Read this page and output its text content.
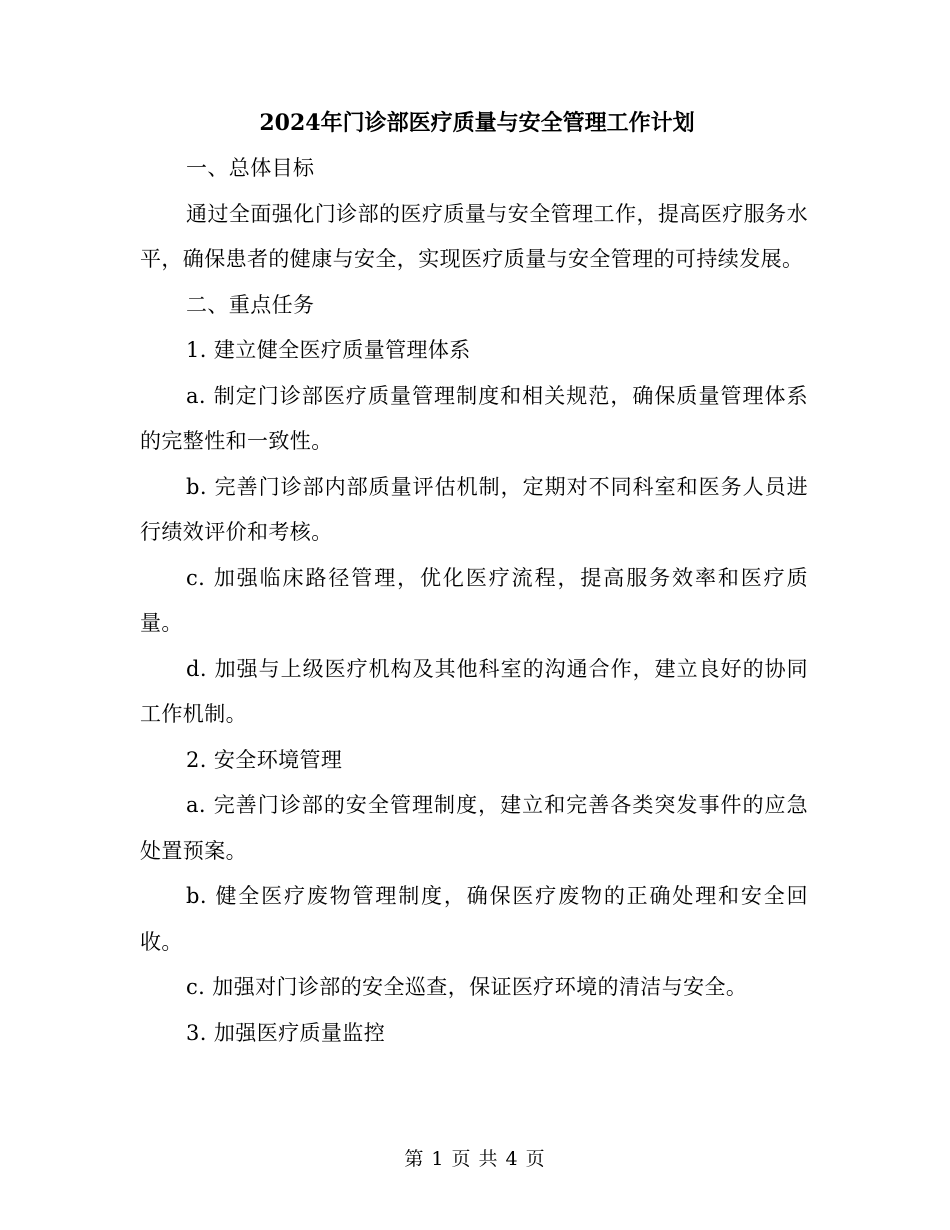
2024年门诊部医疗质量与安全管理工作计划

一、总体目标

通过全面强化门诊部的医疗质量与安全管理工作，提高医疗服务水平，确保患者的健康与安全，实现医疗质量与安全管理的可持续发展。

二、重点任务

1. 建立健全医疗质量管理体系

a. 制定门诊部医疗质量管理制度和相关规范，确保质量管理体系的完整性和一致性。

b. 完善门诊部内部质量评估机制，定期对不同科室和医务人员进行绩效评价和考核。

c. 加强临床路径管理，优化医疗流程，提高服务效率和医疗质量。

d. 加强与上级医疗机构及其他科室的沟通合作，建立良好的协同工作机制。

2. 安全环境管理

a. 完善门诊部的安全管理制度，建立和完善各类突发事件的应急处置预案。

b. 健全医疗废物管理制度，确保医疗废物的正确处理和安全回收。

c. 加强对门诊部的安全巡查，保证医疗环境的清洁与安全。

3. 加强医疗质量监控

第 1 页 共 4 页
